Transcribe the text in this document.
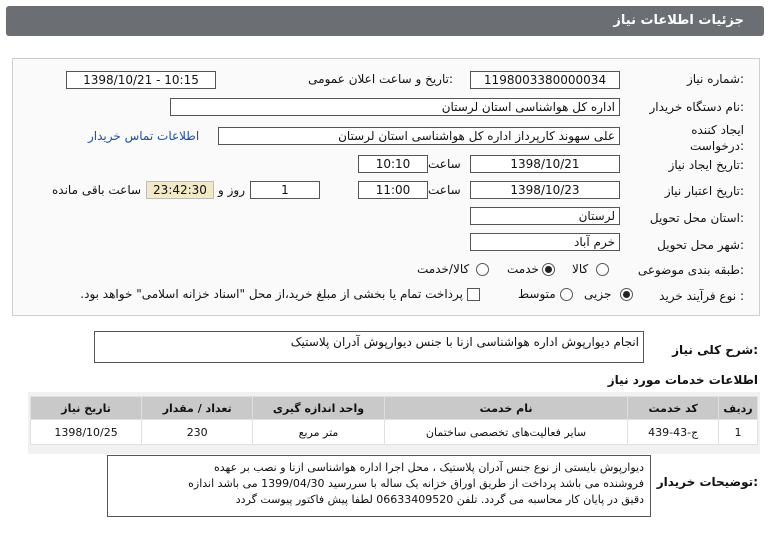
جزئیات اطلاعات نیاز
شماره نیاز:
1198003380000034
تاریخ و ساعت اعلان عمومی:
1398/10/21 - 10:15
نام دستگاه خریدار:
اداره کل هواشناسی استان لرستان
ایجاد کننده
درخواست:
علی سهوند کارپرداز اداره کل هواشناسی استان لرستان
اطلاعات تماس خریدار
تاریخ ایجاد نیاز:
1398/10/21
ساعت
10:10
تاریخ اعتبار نیاز:
1398/10/23
ساعت
11:00
1
روز و
23:42:30
ساعت باقی مانده
استان محل تحویل:
لرستان
شهر محل تحویل:
خرم آباد
طبقه بندی موضوعی:
کالا
خدمت
کالا/خدمت
نوع فرآیند خرید :
جزیی
متوسط
پرداخت تمام یا بخشی از مبلغ خرید،از محل "اسناد خزانه اسلامی" خواهد بود.
شرح کلی نیاز:
انجام دیوارپوش اداره هواشناسی ازنا با جنس دیوارپوش آدران پلاستیک
اطلاعات خدمات مورد نیاز
ردیف	کد خدمت	نام خدمت	واحد اندازه گیری	تعداد / مقدار	تاریخ نیاز
1	ج-43-439	سایر فعالیت‌های تخصصی ساختمان	متر مربع	230	1398/10/25
توضیحات خریدار:
دیوارپوش بایستی از نوع جنس آدران پلاستیک ، محل اجرا اداره هواشناسی ازنا و نصب بر عهده
فروشنده می باشد پرداخت از طریق اوراق خزانه یک ساله با سررسید 1399/04/30 می باشد اندازه
دقیق در پایان کار محاسبه می گردد. تلفن 06633409520 لطفا پیش فاکتور پیوست گردد
